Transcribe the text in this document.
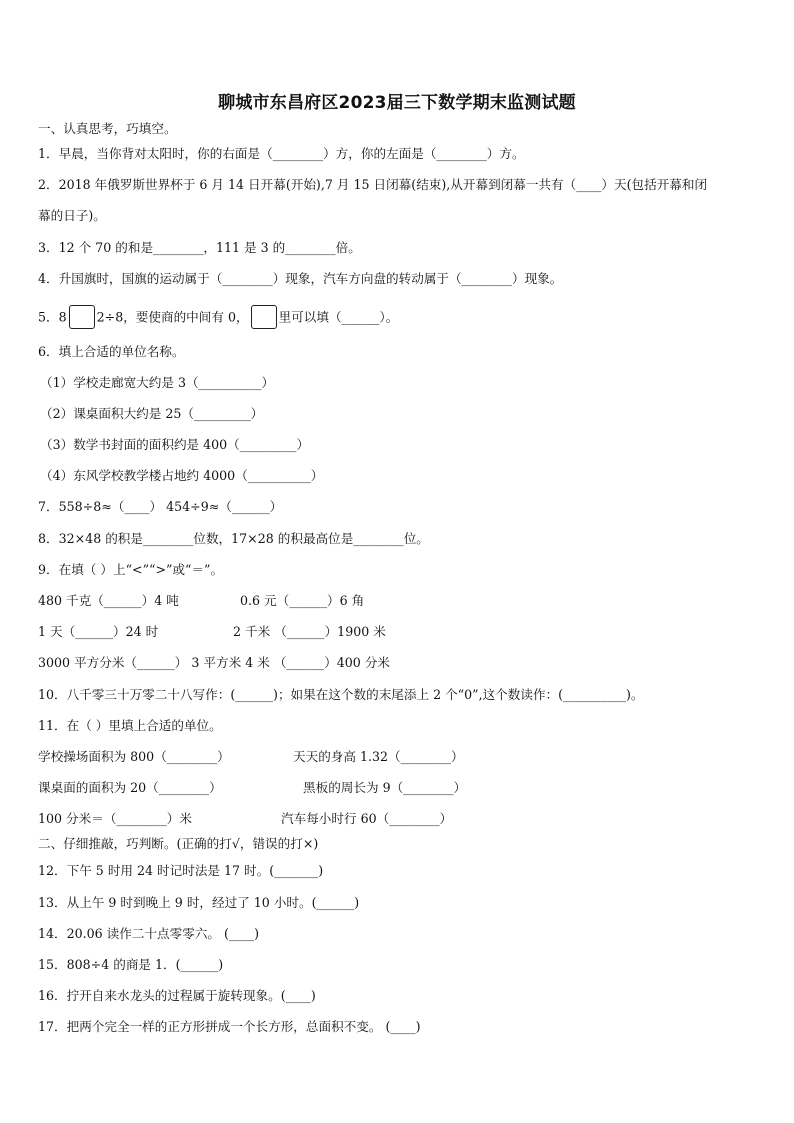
聊城市东昌府区2023届三下数学期末监测试题
一、认真思考，巧填空。
1．早晨，当你背对太阳时，你的右面是（________）方，你的左面是（________）方。
2．2018 年俄罗斯世界杯于 6 月 14 日开幕(开始),7 月 15 日闭幕(结束),从开幕到闭幕一共有（____）天(包括开幕和闭
幕的日子)。
3．12 个 70 的和是________，111 是 3 的________倍。
4．升国旗时，国旗的运动属于（________）现象，汽车方向盘的转动属于（________）现象。
5．8 2÷8，要使商的中间有 0， 里可以填（______）。
6．填上合适的单位名称。
（1）学校走廊宽大约是 3（__________）
（2）课桌面积大约是 25（_________）
（3）数学书封面的面积约是 400（_________）
（4）东风学校教学楼占地约 4000（__________）
7．558÷8≈（____） 454÷9≈（______）
8．32×48 的积是________位数，17×28 的积最高位是________位。
9．在填（ ）上“<”“>”或“＝”。
480 千克（______）4 吨	0.6 元（______）6 角
1 天（______）24 时	2 千米 （______）1900 米
3000 平方分米（______） 3 平方米 4 米 （______）400 分米
10．八千零三十万零二十八写作：(______)；如果在这个数的末尾添上 2 个“0”,这个数读作：(__________)。
11．在（ ）里填上合适的单位。
学校操场面积为 800（________）	天天的身高 1.32（________）
课桌面的面积为 20（________）	黑板的周长为 9（________）
100 分米＝（________）米	汽车每小时行 60（________）
二、仔细推敲，巧判断。(正确的打√，错误的打×)
12．下午 5 时用 24 时记时法是 17 时。(_______)
13．从上午 9 时到晚上 9 时，经过了 10 小时。(______)
14．20.06 读作二十点零零六。 (____)
15．808÷4 的商是 1．(______)
16．拧开自来水龙头的过程属于旋转现象。(____)
17．把两个完全一样的正方形拼成一个长方形，总面积不变。 (____)
